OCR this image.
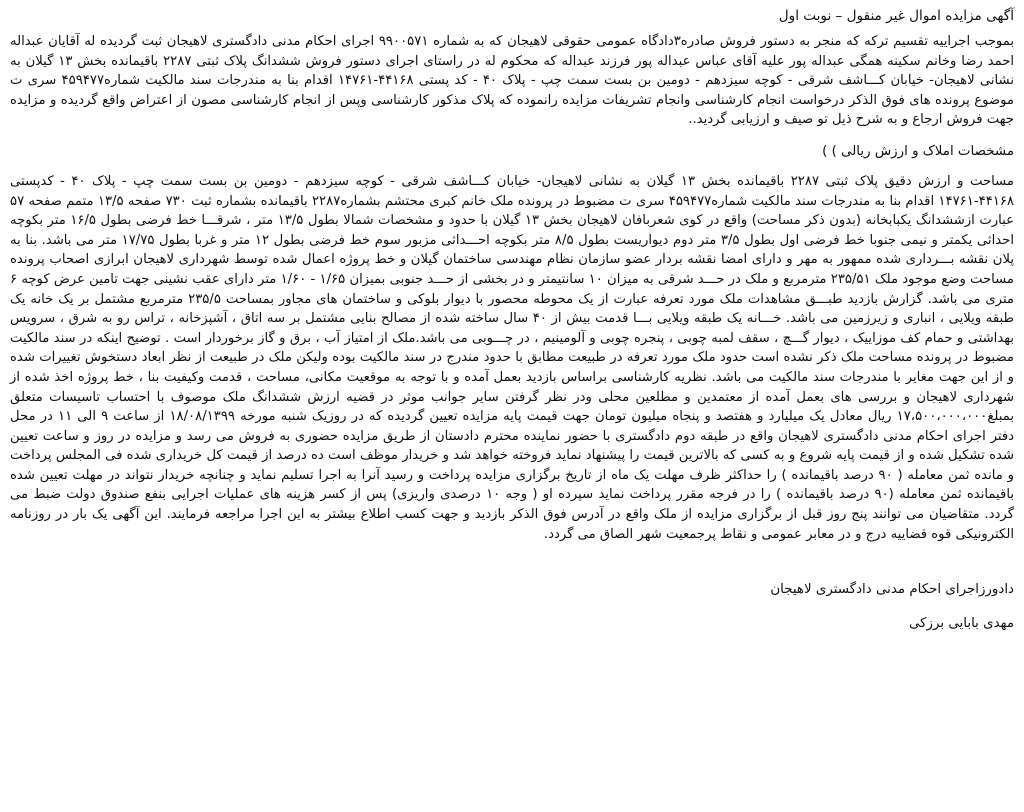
آگهی مزایده اموال غیر منقول – نوبت اول

بموجب اجراییه تقسیم ترکه که منجر به دستور فروش صادره۳دادگاه عمومی حقوقی لاهیجان که به شماره ۹۹۰۰۵۷۱ اجرای احکام مدنی دادگستری لاهیجان ثبت گردیده له آقایان عبداله احمد رضا وخانم سکینه همگی عبداله پور علیه آقای عباس عبداله پور فرزند عبداله که محکوم له در راستای اجرای دستور فروش ششدانگ پلاک ثبتی ۲۲۸۷ باقیمانده بخش ۱۳ گیلان به نشانی لاهیجان- خیابان کـــاشف شرقی - کوچه سیزدهم - دومین بن بست سمت چپ - پلاک ۴۰ - کد پستی ۴۴۱۶۸-۱۴۷۶۱ اقدام بنا به مندرجات سند مالکیت شماره۴۵۹۴۷۷ سری ت موضوع پرونده های فوق الذکر درخواست انجام کارشناسی وانجام تشریفات مزایده رانموده که پلاک مذکور کارشناسی وپس از انجام کارشناسی مصون از اعتراض واقع گردیده و مزایده جهت فروش ارجاع و به شرح ذیل تو صیف و ارزیابی گردید..

مشخصات املاک و ارزش ریالی ) )

مساحت و ارزش دقیق پلاک ثبتی ۲۲۸۷ باقیمانده بخش ۱۳ گیلان به نشانی لاهیجان- خیابان کـــاشف شرقی - کوچه سیزدهم - دومین بن بست سمت چپ - پلاک ۴۰ - کدپستی ۴۴۱۶۸-۱۴۷۶۱ اقدام بنا به مندرجات سند مالکیت شماره۴۵۹۴۷۷ سری ت مضبوط در پرونده ملک خانم کبری محتشم بشماره۲۲۸۷ باقیمانده بشماره ثبت ۷۳۰ صفحه ۱۳/۵ متمم صفحه ۵۷ عبارت ازششدانگ یکبابخانه (بدون ذکر مساحت) واقع در کوی شعربافان لاهیجان بخش ۱۳ گیلان با حدود و مشخصات شمالا بطول ۱۳/۵ متر ، شرقـــا خط فرضی بطول ۱۶/۵ متر بکوچه احداثی یکمتر و نیمی جنوبا خط فرضی اول بطول ۳/۵ متر دوم دیواریست بطول ۸/۵ متر بکوچه احـــداثی مزبور سوم خط فرضی بطول ۱۲ متر و غربا بطول ۱۷/۷۵ متر می باشد. بنا به پلان نقشه بـــرداری شده ممهور به مهر و دارای امضا نقشه بردار عضو سازمان نظام مهندسی ساختمان گیلان و خط پروژه اعمال شده توسط شهرداری لاهیجان ابرازی اصحاب پرونده مساحت وضع موجود ملک ۲۳۵/۵۱ مترمربع و ملک در حـــد شرقی به میزان ۱۰ سانتیمتر و در بخشی از حـــد جنوبی بمیزان ۱/۶۵ - ۱/۶۰ متر دارای عقب نشینی جهت تامین عرض کوچه ۶ متری می باشد. گزارش بازدید طبـــق مشاهدات ملک مورد تعرفه عبارت از یک محوطه محصور با دیوار بلوکی و ساختمان های مجاور بمساحت ۲۳۵/۵ مترمربع مشتمل بر یک خانه یک طبقه ویلایی ، انباری و زیرزمین می باشد. خـــانه یک طبقه ویلایی بـــا قدمت بیش از ۴۰ سال ساخته شده از مصالح بنایی مشتمل بر سه اتاق ، آشپزخانه ، تراس رو به شرق ، سرویس بهداشتی و حمام کف موزاییک ، دیوار گـــچ ، سقف لمبه چوبی ، پنجره چوبی و آلومینیم ، در چـــوبی می باشد.ملک از امتیاز آب ، برق و گاز برخوردار است . توضیح اینکه در سند مالکیت مضبوط در پرونده مساحت ملک ذکر نشده است حدود ملک مورد تعرفه در طبیعت مطابق با حدود مندرج در سند مالکیت بوده ولیکن ملک در طبیعت از نظر ابعاد دستخوش تغییرات شده و از این جهت مغایر با مندرجات سند مالکیت می باشد. نظریه کارشناسی براساس بازدید بعمل آمده و با توجه به موقعیت مکانی، مساحت ، قدمت وکیفیت بنا ، خط پروژه اخذ شده از شهرداری لاهیجان و بررسی های بعمل آمده از معتمدین و مطلعین محلی ودر نظر گرفتن سایر جوانب موثر در قضیه ارزش ششدانگ ملک موصوف با احتساب تاسیسات متعلق بمبلغ۱۷،۵۰۰،۰۰۰،۰۰۰ ریال معادل یک میلیارد و هفتصد و پنجاه میلیون تومان جهت قیمت پایه مزایده تعیین گردیده که در روزیک شنبه مورخه ۱۸/۰۸/۱۳۹۹ از ساعت ۹ الی ۱۱ در محل دفتر اجرای احکام مدنی دادگستری لاهیجان واقع در طبقه دوم دادگستری با حضور نماینده محترم دادستان از طریق مزایده حضوری به فروش می رسد و مزایده در روز و ساعت تعیین شده تشکیل شده و از قیمت پایه شروع و به کسی که بالاترین قیمت را پیشنهاد نماید فروخته خواهد شد و خریدار موظف است ده درصد از قیمت کل خریداری شده فی المجلس پرداخت و مانده ثمن معامله ( ۹۰ درصد باقیمانده ) را حداکثر ظرف مهلت یک ماه از تاریخ برگزاری مزایده پرداخت و رسید آنرا به اجرا تسلیم نماید و چنانچه خریدار نتواند در مهلت تعیین شده باقیمانده ثمن معامله (۹۰ درصد باقیمانده ) را در فرجه مقرر پرداخت نماید سپرده او ( وجه ۱۰ درصدی واریزی) پس از کسر هزینه های عملیات اجرایی بنفع صندوق دولت ضبط می گردد. متقاضیان می توانند پنج روز قبل از برگزاری مزایده از ملک واقع در آدرس فوق الذکر بازدید و جهت کسب اطلاع بیشتر به این اجرا مراجعه فرمایند. این آگهی یک بار در روزنامه الکترونیکی قوه قضاییه درج و در معابر عمومی و نقاط پرجمعیت شهر الصاق می گردد.

دادورزاجرای احکام مدنی دادگستری لاهیجان
مهدی بابایی برزکی
